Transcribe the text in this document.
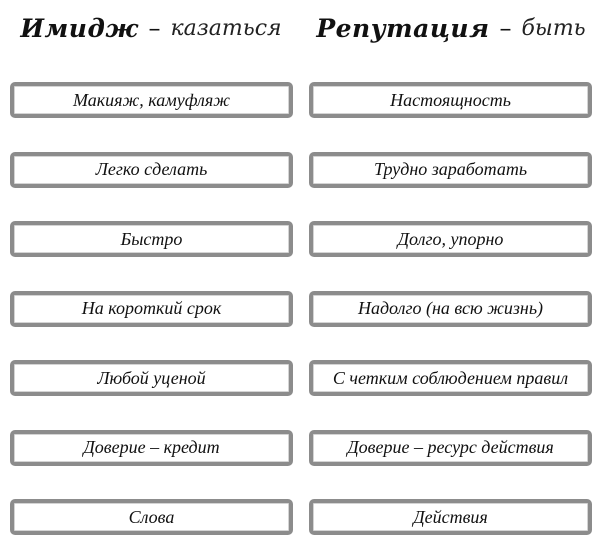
Имидж – казаться Репутация – быть
Макияж, камуфляж
Легко сделать
Быстро
На короткий срок
Любой уценой
Доверие – кредит
Слова
Настоящность
Трудно заработать
Долго, упорно
Надолго (на всю жизнь)
С четким соблюдением правил
Доверие – ресурс действия
Действия
